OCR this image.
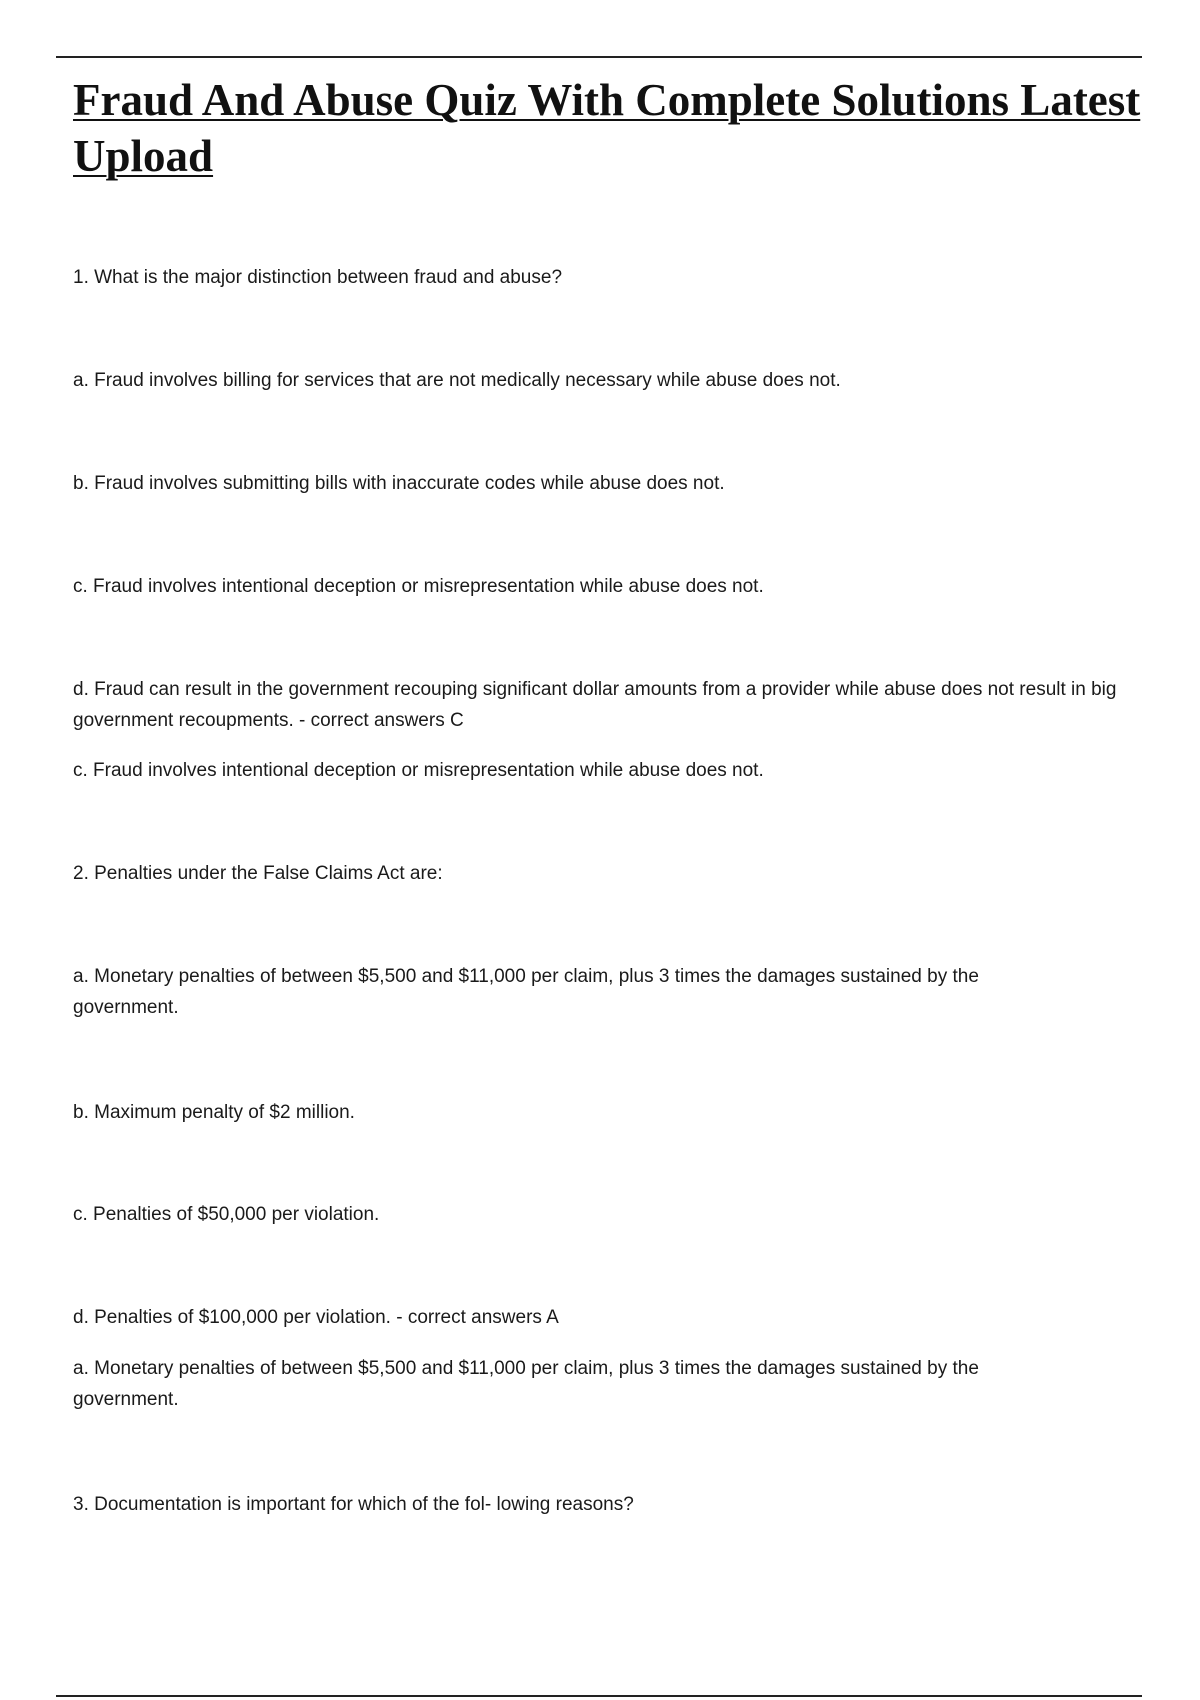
Fraud And Abuse Quiz With Complete Solutions Latest Upload

1. What is the major distinction between fraud and abuse?

a. Fraud involves billing for services that are not medically necessary while abuse does not.

b. Fraud involves submitting bills with inaccurate codes while abuse does not.

c. Fraud involves intentional deception or misrepresentation while abuse does not.

d. Fraud can result in the government recouping significant dollar amounts from a provider while abuse does not result in big government recoupments. - correct answers C

c. Fraud involves intentional deception or misrepresentation while abuse does not.

2. Penalties under the False Claims Act are:

a. Monetary penalties of between $5,500 and $11,000 per claim, plus 3 times the damages sustained by the government.

b. Maximum penalty of $2 million.

c. Penalties of $50,000 per violation.

d. Penalties of $100,000 per violation. - correct answers A

a. Monetary penalties of between $5,500 and $11,000 per claim, plus 3 times the damages sustained by the government.

3. Documentation is important for which of the fol- lowing reasons?
